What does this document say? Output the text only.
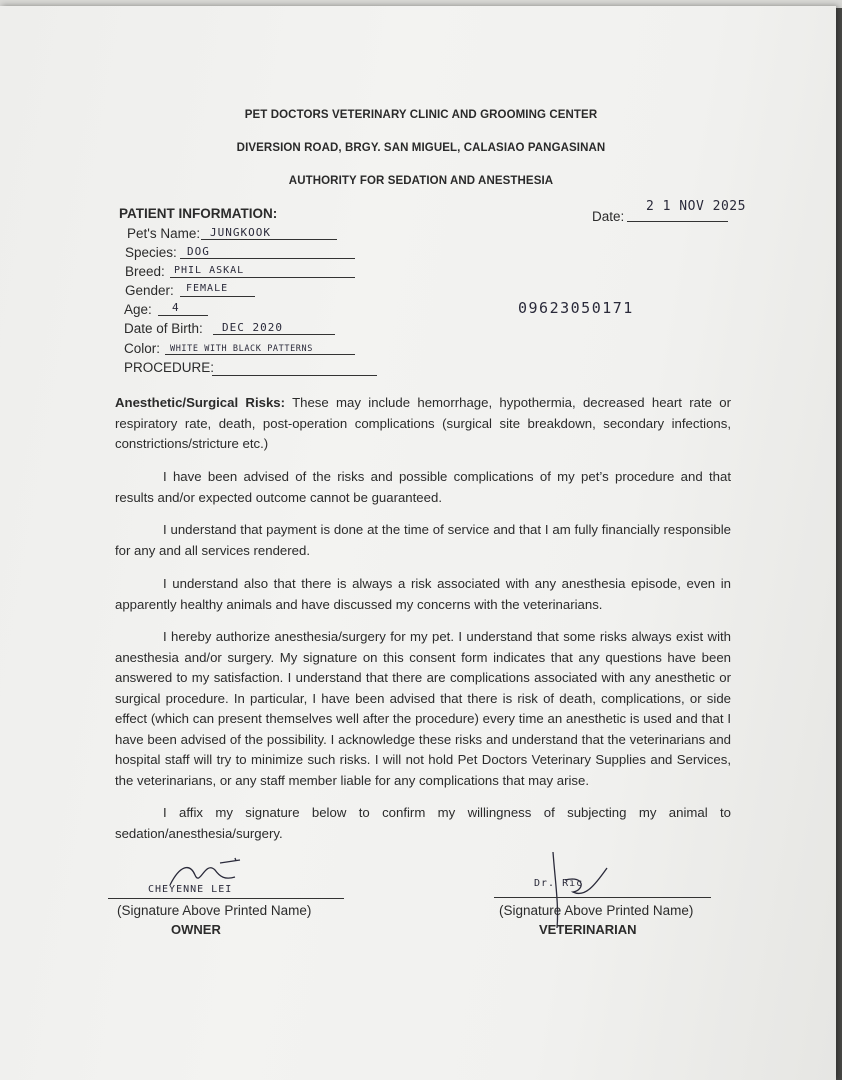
PET DOCTORS VETERINARY CLINIC AND GROOMING CENTER
DIVERSION ROAD, BRGY. SAN MIGUEL, CALASIAO PANGASINAN
AUTHORITY FOR SEDATION AND ANESTHESIA
PATIENT INFORMATION:	Date:
2 1 NOV 2025
Pet's Name: JUNGKOOK
Species: DOG
Breed: PHIL ASKAL
Gender: FEMALE
Age: 4
Date of Birth: DEC 2020
Color: WHITE WITH BLACK PATTERNS
PROCEDURE:
09623050171
Anesthetic/Surgical Risks: These may include hemorrhage, hypothermia, decreased heart rate or respiratory rate, death, post-operation complications (surgical site breakdown, secondary infections, constrictions/stricture etc.)
I have been advised of the risks and possible complications of my pet’s procedure and that results and/or expected outcome cannot be guaranteed.
I understand that payment is done at the time of service and that I am fully financially responsible for any and all services rendered.
I understand also that there is always a risk associated with any anesthesia episode, even in apparently healthy animals and have discussed my concerns with the veterinarians.
I hereby authorize anesthesia/surgery for my pet. I understand that some risks always exist with anesthesia and/or surgery. My signature on this consent form indicates that any questions have been answered to my satisfaction. I understand that there are complications associated with any anesthetic or surgical procedure. In particular, I have been advised that there is risk of death, complications, or side effect (which can present themselves well after the procedure) every time an anesthetic is used and that I have been advised of the possibility. I acknowledge these risks and understand that the veterinarians and hospital staff will try to minimize such risks. I will not hold Pet Doctors Veterinary Supplies and Services, the veterinarians, or any staff member liable for any complications that may arise.
I affix my signature below to confirm my willingness of subjecting my animal to sedation/anesthesia/surgery.
CHEYENNE LEI
(Signature Above Printed Name)
OWNER
Dr. Ric
(Signature Above Printed Name)
VETERINARIAN
